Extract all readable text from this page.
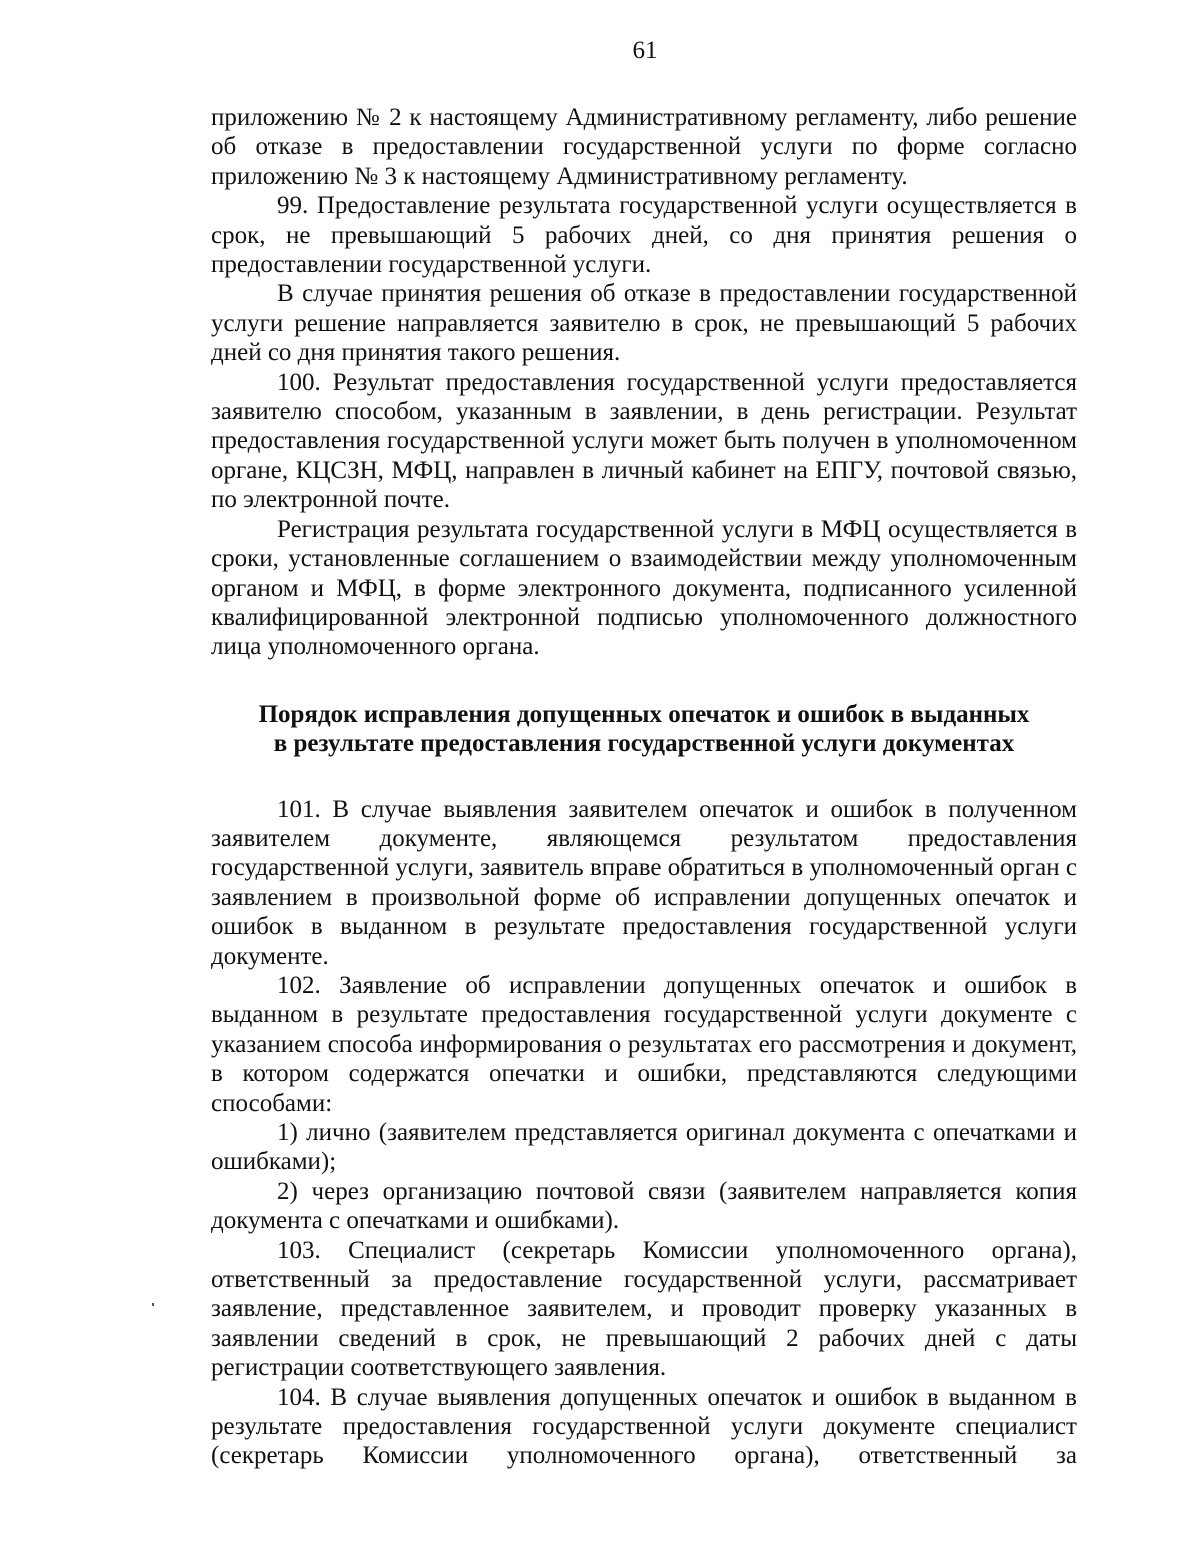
61

приложению № 2 к настоящему Административному регламенту, либо решение об отказе в предоставлении государственной услуги по форме согласно приложению № 3 к настоящему Административному регламенту.

99. Предоставление результата государственной услуги осуществляется в срок, не превышающий 5 рабочих дней, со дня принятия решения о предоставлении государственной услуги.

В случае принятия решения об отказе в предоставлении государственной услуги решение направляется заявителю в срок, не превышающий 5 рабочих дней со дня принятия такого решения.

100. Результат предоставления государственной услуги предоставляется заявителю способом, указанным в заявлении, в день регистрации. Результат предоставления государственной услуги может быть получен в уполномоченном органе, КЦСЗН, МФЦ, направлен в личный кабинет на ЕПГУ, почтовой связью, по электронной почте.

Регистрация результата государственной услуги в МФЦ осуществляется в сроки, установленные соглашением о взаимодействии между уполномоченным органом и МФЦ, в форме электронного документа, подписанного усиленной квалифицированной электронной подписью уполномоченного должностного лица уполномоченного органа.

Порядок исправления допущенных опечаток и ошибок в выданных
в результате предоставления государственной услуги документах

101. В случае выявления заявителем опечаток и ошибок в полученном заявителем документе, являющемся результатом предоставления государственной услуги, заявитель вправе обратиться в уполномоченный орган с заявлением в произвольной форме об исправлении допущенных опечаток и ошибок в выданном в результате предоставления государственной услуги документе.

102. Заявление об исправлении допущенных опечаток и ошибок в выданном в результате предоставления государственной услуги документе с указанием способа информирования о результатах его рассмотрения и документ, в котором содержатся опечатки и ошибки, представляются следующими способами:

1) лично (заявителем представляется оригинал документа с опечатками и ошибками);

2) через организацию почтовой связи (заявителем направляется копия документа с опечатками и ошибками).

103. Специалист (секретарь Комиссии уполномоченного органа), ответственный за предоставление государственной услуги, рассматривает заявление, представленное заявителем, и проводит проверку указанных в заявлении сведений в срок, не превышающий 2 рабочих дней с даты регистрации соответствующего заявления.

104. В случае выявления допущенных опечаток и ошибок в выданном в результате предоставления государственной услуги документе специалист (секретарь Комиссии уполномоченного органа), ответственный за
